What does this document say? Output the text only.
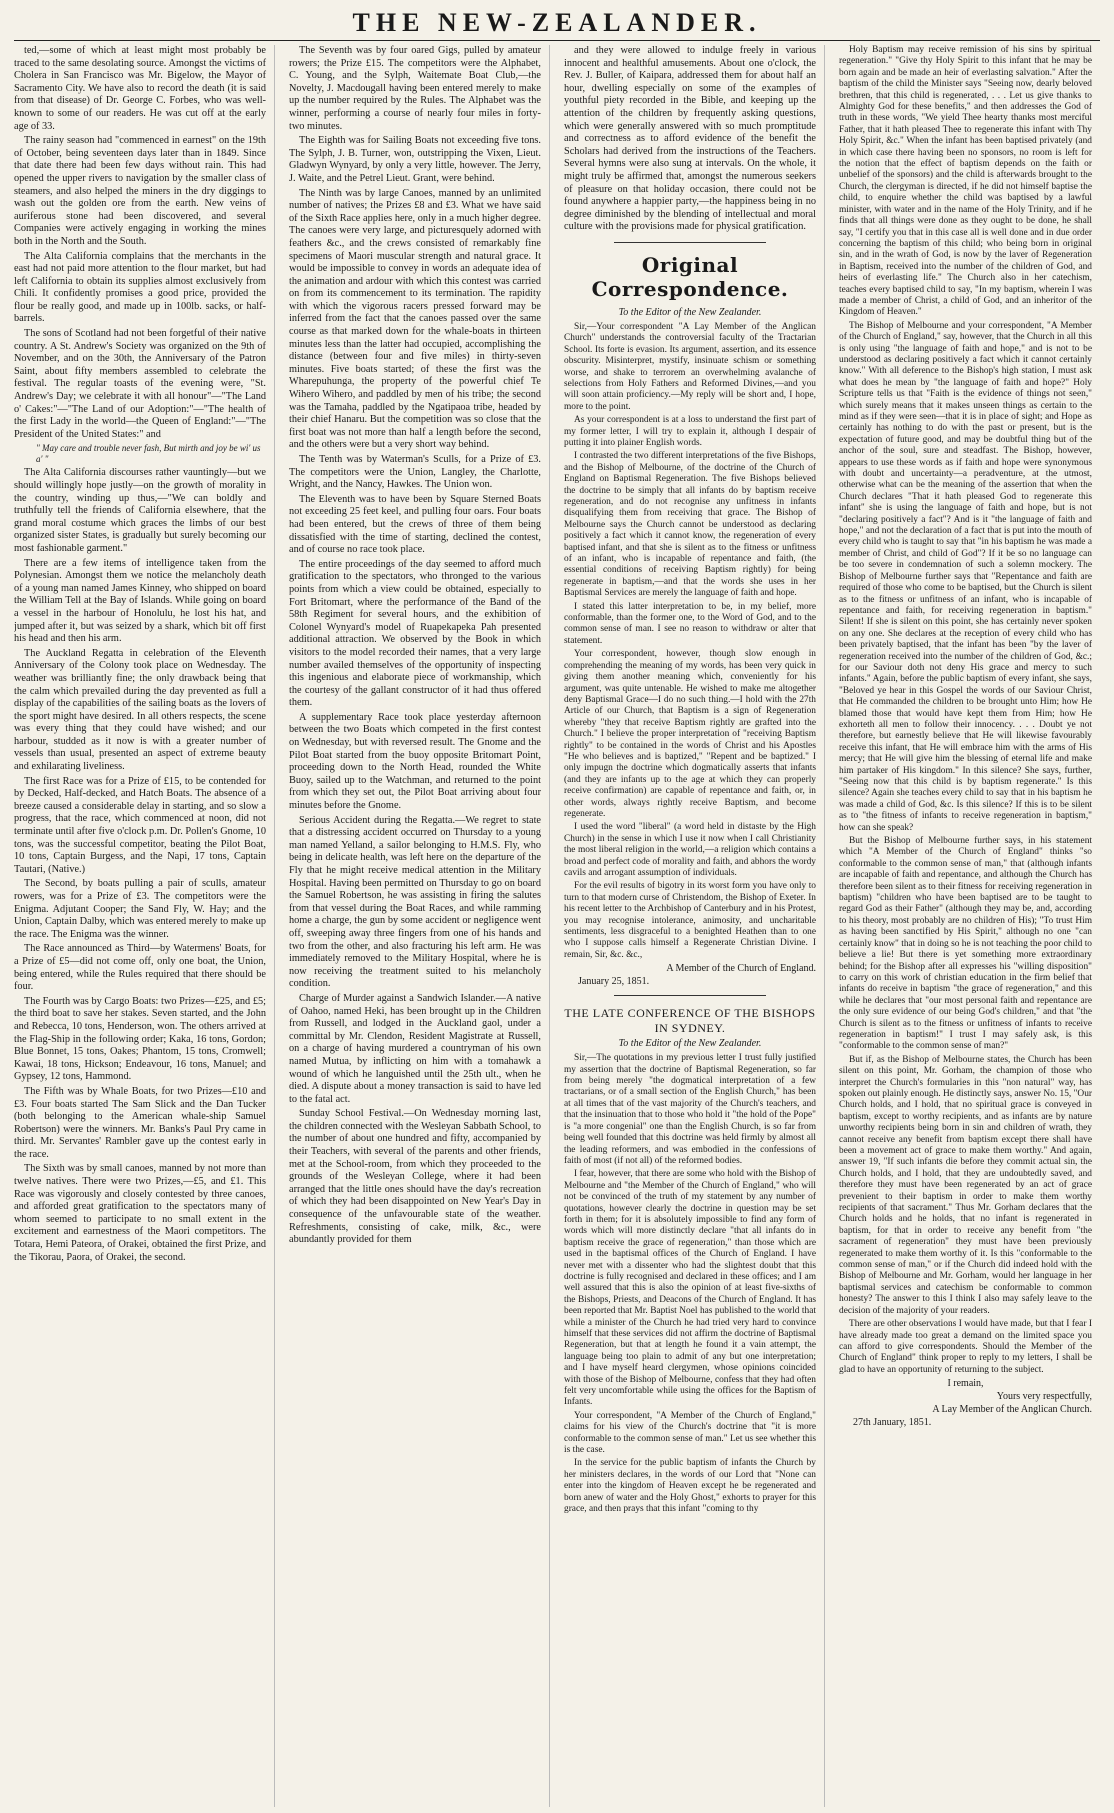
THE NEW-ZEALANDER.

ted,—some of which at least might most probably be traced to the same desolating source. Amongst the victims of Cholera in San Francisco was Mr. Bigelow, the Mayor of Sacramento City. We have also to record the death (it is said from that disease) of Dr. George C. Forbes, who was well-known to some of our readers. He was cut off at the early age of 33.

The rainy season had "commenced in earnest" on the 19th of October, being seventeen days later than in 1849. Since that date there had been few days without rain. This had opened the upper rivers to navigation by the smaller class of steamers, and also helped the miners in the dry diggings to wash out the golden ore from the earth. New veins of auriferous stone had been discovered, and several Companies were actively engaging in working the mines both in the North and the South.

The Alta California complains that the merchants in the east had not paid more attention to the flour market, but had left California to obtain its supplies almost exclusively from Chili. It confidently promises a good price, provided the flour be really good, and made up in 100lb. sacks, or half-barrels.

The sons of Scotland had not been forgetful of their native country. A St. Andrew's Society was organized on the 9th of November, and on the 30th, the Anniversary of the Patron Saint, about fifty members assembled to celebrate the festival. The regular toasts of the evening were, "St. Andrew's Day; we celebrate it with all honour"—"The Land o' Cakes:"—"The Land of our Adoption:"—"The health of the first Lady in the world—the Queen of England:"—"The President of the United States:" and

" May care and trouble never fash, But mirth and joy be wi' us a' "

The Alta California discourses rather vauntingly—but we should willingly hope justly—on the growth of morality in the country, winding up thus,—"We can boldly and truthfully tell the friends of California elsewhere, that the grand moral costume which graces the limbs of our best organized sister States, is gradually but surely becoming our most fashionable garment."

There are a few items of intelligence taken from the Polynesian. Amongst them we notice the melancholy death of a young man named James Kinney, who shipped on board the William Tell at the Bay of Islands. While going on board a vessel in the harbour of Honolulu, he lost his hat, and jumped after it, but was seized by a shark, which bit off first his head and then his arm.

The Auckland Regatta in celebration of the Eleventh Anniversary of the Colony took place on Wednesday. The weather was brilliantly fine; the only drawback being that the calm which prevailed during the day prevented as full a display of the capabilities of the sailing boats as the lovers of the sport might have desired. In all others respects, the scene was every thing that they could have wished; and our harbour, studded as it now is with a greater number of vessels than usual, presented an aspect of extreme beauty and exhilarating liveliness.

The first Race was for a Prize of £15, to be contended for by Decked, Half-decked, and Hatch Boats. The absence of a breeze caused a considerable delay in starting, and so slow a progress, that the race, which commenced at noon, did not terminate until after five o'clock p.m. Dr. Pollen's Gnome, 10 tons, was the successful competitor, beating the Pilot Boat, 10 tons, Captain Burgess, and the Napi, 17 tons, Captain Tautari, (Native.)

The Second, by boats pulling a pair of sculls, amateur rowers, was for a Prize of £3. The competitors were the Enigma. Adjutant Cooper; the Sand Fly, W. Hay; and the Union, Captain Dalby, which was entered merely to make up the race. The Enigma was the winner.

The Race announced as Third—by Watermens' Boats, for a Prize of £5—did not come off, only one boat, the Union, being entered, while the Rules required that there should be four.

The Fourth was by Cargo Boats: two Prizes—£25, and £5; the third boat to save her stakes. Seven started, and the John and Rebecca, 10 tons, Henderson, won. The others arrived at the Flag-Ship in the following order; Kaka, 16 tons, Gordon; Blue Bonnet, 15 tons, Oakes; Phantom, 15 tons, Cromwell; Kawai, 18 tons, Hickson; Endeavour, 16 tons, Manuel; and Gypsey, 12 tons, Hammond.

The Fifth was by Whale Boats, for two Prizes—£10 and £3. Four boats started The Sam Slick and the Dan Tucker (both belonging to the American whale-ship Samuel Robertson) were the winners. Mr. Banks's Paul Pry came in third. Mr. Servantes' Rambler gave up the contest early in the race.

The Sixth was by small canoes, manned by not more than twelve natives. There were two Prizes,—£5, and £1. This Race was vigorously and closely contested by three canoes, and afforded great gratification to the spectators many of whom seemed to participate to no small extent in the excitement and earnestness of the Maori competitors. The Totara, Hemi Pateora, of Orakei, obtained the first Prize, and the Tikorau, Paora, of Orakei, the second.

The Seventh was by four oared Gigs, pulled by amateur rowers; the Prize £15. The competitors were the Alphabet, C. Young, and the Sylph, Waitemate Boat Club,—the Novelty, J. Macdougall having been entered merely to make up the number required by the Rules. The Alphabet was the winner, performing a course of nearly four miles in forty-two minutes.

The Eighth was for Sailing Boats not exceeding five tons. The Sylph, J. B. Turner, won, outstripping the Vixen, Lieut. Gladwyn Wynyard, by only a very little, however. The Jerry, J. Waite, and the Petrel Lieut. Grant, were behind.

The Ninth was by large Canoes, manned by an unlimited number of natives; the Prizes £8 and £3. What we have said of the Sixth Race applies here, only in a much higher degree. The canoes were very large, and picturesquely adorned with feathers &c., and the crews consisted of remarkably fine specimens of Maori muscular strength and natural grace. It would be impossible to convey in words an adequate idea of the animation and ardour with which this contest was carried on from its commencement to its termination. The rapidity with which the vigorous racers pressed forward may be inferred from the fact that the canoes passed over the same course as that marked down for the whale-boats in thirteen minutes less than the latter had occupied, accomplishing the distance (between four and five miles) in thirty-seven minutes. Five boats started; of these the first was the Wharepuhunga, the property of the powerful chief Te Wihero Wihero, and paddled by men of his tribe; the second was the Tamaha, paddled by the Ngatipaoa tribe, headed by their chief Hanaru. But the competition was so close that the first boat was not more than half a length before the second, and the others were but a very short way behind.

The Tenth was by Waterman's Sculls, for a Prize of £3. The competitors were the Union, Langley, the Charlotte, Wright, and the Nancy, Hawkes. The Union won.

The Eleventh was to have been by Square Sterned Boats not exceeding 25 feet keel, and pulling four oars. Four boats had been entered, but the crews of three of them being dissatisfied with the time of starting, declined the contest, and of course no race took place.

The entire proceedings of the day seemed to afford much gratification to the spectators, who thronged to the various points from which a view could be obtained, especially to Fort Britomart, where the performance of the Band of the 58th Regiment for several hours, and the exhibition of Colonel Wynyard's model of Ruapekapeka Pah presented additional attraction. We observed by the Book in which visitors to the model recorded their names, that a very large number availed themselves of the opportunity of inspecting this ingenious and elaborate piece of workmanship, which the courtesy of the gallant constructor of it had thus offered them.

A supplementary Race took place yesterday afternoon between the two Boats which competed in the first contest on Wednesday, but with reversed result. The Gnome and the Pilot Boat started from the buoy opposite Britomart Point, proceeding down to the North Head, rounded the White Buoy, sailed up to the Watchman, and returned to the point from which they set out, the Pilot Boat arriving about four minutes before the Gnome.

Serious Accident during the Regatta.—We regret to state that a distressing accident occurred on Thursday to a young man named Yelland, a sailor belonging to H.M.S. Fly, who being in delicate health, was left here on the departure of the Fly that he might receive medical attention in the Military Hospital. Having been permitted on Thursday to go on board the Samuel Robertson, he was assisting in firing the salutes from that vessel during the Boat Races, and while ramming home a charge, the gun by some accident or negligence went off, sweeping away three fingers from one of his hands and two from the other, and also fracturing his left arm. He was immediately removed to the Military Hospital, where he is now receiving the treatment suited to his melancholy condition.

Charge of Murder against a Sandwich Islander.—A native of Oahoo, named Heki, has been brought up in the Children from Russell, and lodged in the Auckland gaol, under a committal by Mr. Clendon, Resident Magistrate at Russell, on a charge of having murdered a countryman of his own named Mutua, by inflicting on him with a tomahawk a wound of which he languished until the 25th ult., when he died. A dispute about a money transaction is said to have led to the fatal act.

Sunday School Festival.—On Wednesday morning last, the children connected with the Wesleyan Sabbath School, to the number of about one hundred and fifty, accompanied by their Teachers, with several of the parents and other friends, met at the School-room, from which they proceeded to the grounds of the Wesleyan College, where it had been arranged that the little ones should have the day's recreation of which they had been disappointed on New Year's Day in consequence of the unfavourable state of the weather. Refreshments, consisting of cake, milk, &c., were abundantly provided for them

and they were allowed to indulge freely in various innocent and healthful amusements. About one o'clock, the Rev. J. Buller, of Kaipara, addressed them for about half an hour, dwelling especially on some of the examples of youthful piety recorded in the Bible, and keeping up the attention of the children by frequently asking questions, which were generally answered with so much promptitude and correctness as to afford evidence of the benefit the Scholars had derived from the instructions of the Teachers. Several hymns were also sung at intervals. On the whole, it might truly be affirmed that, amongst the numerous seekers of pleasure on that holiday occasion, there could not be found anywhere a happier party,—the happiness being in no degree diminished by the blending of intellectual and moral culture with the provisions made for physical gratification.

Original Correspondence.
To the Editor of the New Zealander.

Sir,—Your correspondent "A Lay Member of the Anglican Church" understands the controversial faculty of the Tractarian School. Its forte is evasion. Its argument, assertion, and its essence obscurity. Misinterpret, mystify, insinuate schism or something worse, and shake to terrorem an overwhelming avalanche of selections from Holy Fathers and Reformed Divines,—and you will soon attain proficiency.—My reply will be short and, I hope, more to the point.

As your correspondent is at a loss to understand the first part of my former letter, I will try to explain it, although I despair of putting it into plainer English words.

I contrasted the two different interpretations of the five Bishops, and the Bishop of Melbourne, of the doctrine of the Church of England on Baptismal Regeneration. The five Bishops believed the doctrine to be simply that all infants do by baptism receive regeneration, and do not recognise any unfitness in infants disqualifying them from receiving that grace. The Bishop of Melbourne says the Church cannot be understood as declaring positively a fact which it cannot know, the regeneration of every baptised infant, and that she is silent as to the fitness or unfitness of an infant, who is incapable of repentance and faith, (the essential conditions of receiving Baptism rightly) for being regenerate in baptism,—and that the words she uses in her Baptismal Services are merely the language of faith and hope.

I stated this latter interpretation to be, in my belief, more conformable, than the former one, to the Word of God, and to the common sense of man. I see no reason to withdraw or alter that statement.

Your correspondent, however, though slow enough in comprehending the meaning of my words, has been very quick in giving them another meaning which, conveniently for his argument, was quite untenable. He wished to make me altogether deny Baptismal Grace—I do no such thing.—I hold with the 27th Article of our Church, that Baptism is a sign of Regeneration whereby "they that receive Baptism rightly are grafted into the Church." I believe the proper interpretation of "receiving Baptism rightly" to be contained in the words of Christ and his Apostles "He who believes and is baptized," "Repent and be baptized." I only impugn the doctrine which dogmatically asserts that infants (and they are infants up to the age at which they can properly receive confirmation) are capable of repentance and faith, or, in other words, always rightly receive Baptism, and become regenerate.

I used the word "liberal" (a word held in distaste by the High Church) in the sense in which I use it now when I call Christianity the most liberal religion in the world,—a religion which contains a broad and perfect code of morality and faith, and abhors the wordy cavils and arrogant assumption of individuals.

For the evil results of bigotry in its worst form you have only to turn to that modern curse of Christendom, the Bishop of Exeter. In his recent letter to the Archbishop of Canterbury and in his Protest, you may recognise intolerance, animosity, and uncharitable sentiments, less disgraceful to a benighted Heathen than to one who I suppose calls himself a Regenerate Christian Divine. I remain, Sir, &c. &c.,

A Member of the Church of England.
January 25, 1851.
THE LATE CONFERENCE OF THE BISHOPS IN SYDNEY.
To the Editor of the New Zealander.

Sir,—The quotations in my previous letter I trust fully justified my assertion that the doctrine of Baptismal Regeneration, so far from being merely "the dogmatical interpretation of a few tractarians, or of a small section of the English Church," has been at all times that of the vast majority of the Church's teachers, and that the insinuation that to those who hold it "the hold of the Pope" is "a more congenial" one than the English Church, is so far from being well founded that this doctrine was held firmly by almost all the leading reformers, and was embodied in the confessions of faith of most (if not all) of the reformed bodies.

I fear, however, that there are some who hold with the Bishop of Melbourne and "the Member of the Church of England," who will not be convinced of the truth of my statement by any number of quotations, however clearly the doctrine in question may be set forth in them; for it is absolutely impossible to find any form of words which will more distinctly declare "that all infants do in baptism receive the grace of regeneration," than those which are used in the baptismal offices of the Church of England. I have never met with a dissenter who had the slightest doubt that this doctrine is fully recognised and declared in these offices; and I am well assured that this is also the opinion of at least five-sixths of the Bishops, Priests, and Deacons of the Church of England. It has been reported that Mr. Baptist Noel has published to the world that while a minister of the Church he had tried very hard to convince himself that these services did not affirm the doctrine of Baptismal Regeneration, but that at length he found it a vain attempt, the language being too plain to admit of any but one interpretation; and I have myself heard clergymen, whose opinions coincided with those of the Bishop of Melbourne, confess that they had often felt very uncomfortable while using the offices for the Baptism of Infants.

Your correspondent, "A Member of the Church of England," claims for his view of the Church's doctrine that "it is more conformable to the common sense of man." Let us see whether this is the case.

In the service for the public baptism of infants the Church by her ministers declares, in the words of our Lord that "None can enter into the kingdom of Heaven except he be regenerated and born anew of water and the Holy Ghost," exhorts to prayer for this grace, and then prays that this infant "coming to thy

Holy Baptism may receive remission of his sins by spiritual regeneration." "Give thy Holy Spirit to this infant that he may be born again and be made an heir of everlasting salvation." After the baptism of the child the Minister says "Seeing now, dearly beloved brethren, that this child is regenerated, . . . Let us give thanks to Almighty God for these benefits," and then addresses the God of truth in these words, "We yield Thee hearty thanks most merciful Father, that it hath pleased Thee to regenerate this infant with Thy Holy Spirit, &c." When the infant has been baptised privately (and in which case there having been no sponsors, no room is left for the notion that the effect of baptism depends on the faith or unbelief of the sponsors) and the child is afterwards brought to the Church, the clergyman is directed, if he did not himself baptise the child, to enquire whether the child was baptised by a lawful minister, with water and in the name of the Holy Trinity, and if he finds that all things were done as they ought to be done, he shall say, "I certify you that in this case all is well done and in due order concerning the baptism of this child; who being born in original sin, and in the wrath of God, is now by the laver of Regeneration in Baptism, received into the number of the children of God, and heirs of everlasting life." The Church also in her catechism, teaches every baptised child to say, "In my baptism, wherein I was made a member of Christ, a child of God, and an inheritor of the Kingdom of Heaven."

The Bishop of Melbourne and your correspondent, "A Member of the Church of England," say, however, that the Church in all this is only using "the language of faith and hope," and is not to be understood as declaring positively a fact which it cannot certainly know." With all deference to the Bishop's high station, I must ask what does he mean by "the language of faith and hope?" Holy Scripture tells us that "Faith is the evidence of things not seen," which surely means that it makes unseen things as certain to the mind as if they were seen—that it is in place of sight; and Hope as certainly has nothing to do with the past or present, but is the expectation of future good, and may be doubtful thing but of the anchor of the soul, sure and steadfast. The Bishop, however, appears to use these words as if faith and hope were synonymous with doubt and uncertainty—a peradventure, at the utmost, otherwise what can be the meaning of the assertion that when the Church declares "That it hath pleased God to regenerate this infant" she is using the language of faith and hope, but is not "declaring positively a fact"? And is it "the language of faith and hope," and not the declaration of a fact that is put into the mouth of every child who is taught to say that "in his baptism he was made a member of Christ, and child of God"? If it be so no language can be too severe in condemnation of such a solemn mockery. The Bishop of Melbourne further says that "Repentance and faith are required of those who come to be baptised, but the Church is silent as to the fitness or unfitness of an infant, who is incapable of repentance and faith, for receiving regeneration in baptism." Silent! If she is silent on this point, she has certainly never spoken on any one. She declares at the reception of every child who has been privately baptised, that the infant has been "by the laver of regeneration received into the number of the children of God, &c.; for our Saviour doth not deny His grace and mercy to such infants." Again, before the public baptism of every infant, she says, "Beloved ye hear in this Gospel the words of our Saviour Christ, that He commanded the children to be brought unto Him; how He blamed those that would have kept them from Him; how He exhorteth all men to follow their innocency. . . . Doubt ye not therefore, but earnestly believe that He will likewise favourably receive this infant, that He will embrace him with the arms of His mercy; that He will give him the blessing of eternal life and make him partaker of His kingdom." In this silence? She says, further, "Seeing now that this child is by baptism regenerate." Is this silence? Again she teaches every child to say that in his baptism he was made a child of God, &c. Is this silence? If this is to be silent as to "the fitness of infants to receive regeneration in baptism," how can she speak?

But the Bishop of Melbourne further says, in his statement which "A Member of the Church of England" thinks "so conformable to the common sense of man," that (although infants are incapable of faith and repentance, and although the Church has therefore been silent as to their fitness for receiving regeneration in baptism) "children who have been baptised are to be taught to regard God as their Father" (although they may be, and, according to his theory, most probably are no children of His); "To trust Him as having been sanctified by His Spirit," although no one "can certainly know" that in doing so he is not teaching the poor child to believe a lie! But there is yet something more extraordinary behind; for the Bishop after all expresses his "willing disposition" to carry on this work of christian education in the firm belief that infants do receive in baptism "the grace of regeneration," and this while he declares that "our most personal faith and repentance are the only sure evidence of our being God's children," and that "the Church is silent as to the fitness or unfitness of infants to receive regeneration in baptism!" I trust I may safely ask, is this "conformable to the common sense of man?"

But if, as the Bishop of Melbourne states, the Church has been silent on this point, Mr. Gorham, the champion of those who interpret the Church's formularies in this "non natural" way, has spoken out plainly enough. He distinctly says, answer No. 15, "Our Church holds, and I hold, that no spiritual grace is conveyed in baptism, except to worthy recipients, and as infants are by nature unworthy recipients being born in sin and children of wrath, they cannot receive any benefit from baptism except there shall have been a movement act of grace to make them worthy." And again, answer 19, "If such infants die before they commit actual sin, the Church holds, and I hold, that they are undoubtedly saved, and therefore they must have been regenerated by an act of grace prevenient to their baptism in order to make them worthy recipients of that sacrament." Thus Mr. Gorham declares that the Church holds and he holds, that no infant is regenerated in baptism, for that in order to receive any benefit from "the sacrament of regeneration" they must have been previously regenerated to make them worthy of it. Is this "conformable to the common sense of man," or if the Church did indeed hold with the Bishop of Melbourne and Mr. Gorham, would her language in her baptismal services and catechism be conformable to common honesty? The answer to this I think I also may safely leave to the decision of the majority of your readers.

There are other observations I would have made, but that I fear I have already made too great a demand on the limited space you can afford to give correspondents. Should the Member of the Church of England" think proper to reply to my letters, I shall be glad to have an opportunity of returning to the subject.

I remain,
Yours very respectfully,
A Lay Member of the Anglican Church.
27th January, 1851.
